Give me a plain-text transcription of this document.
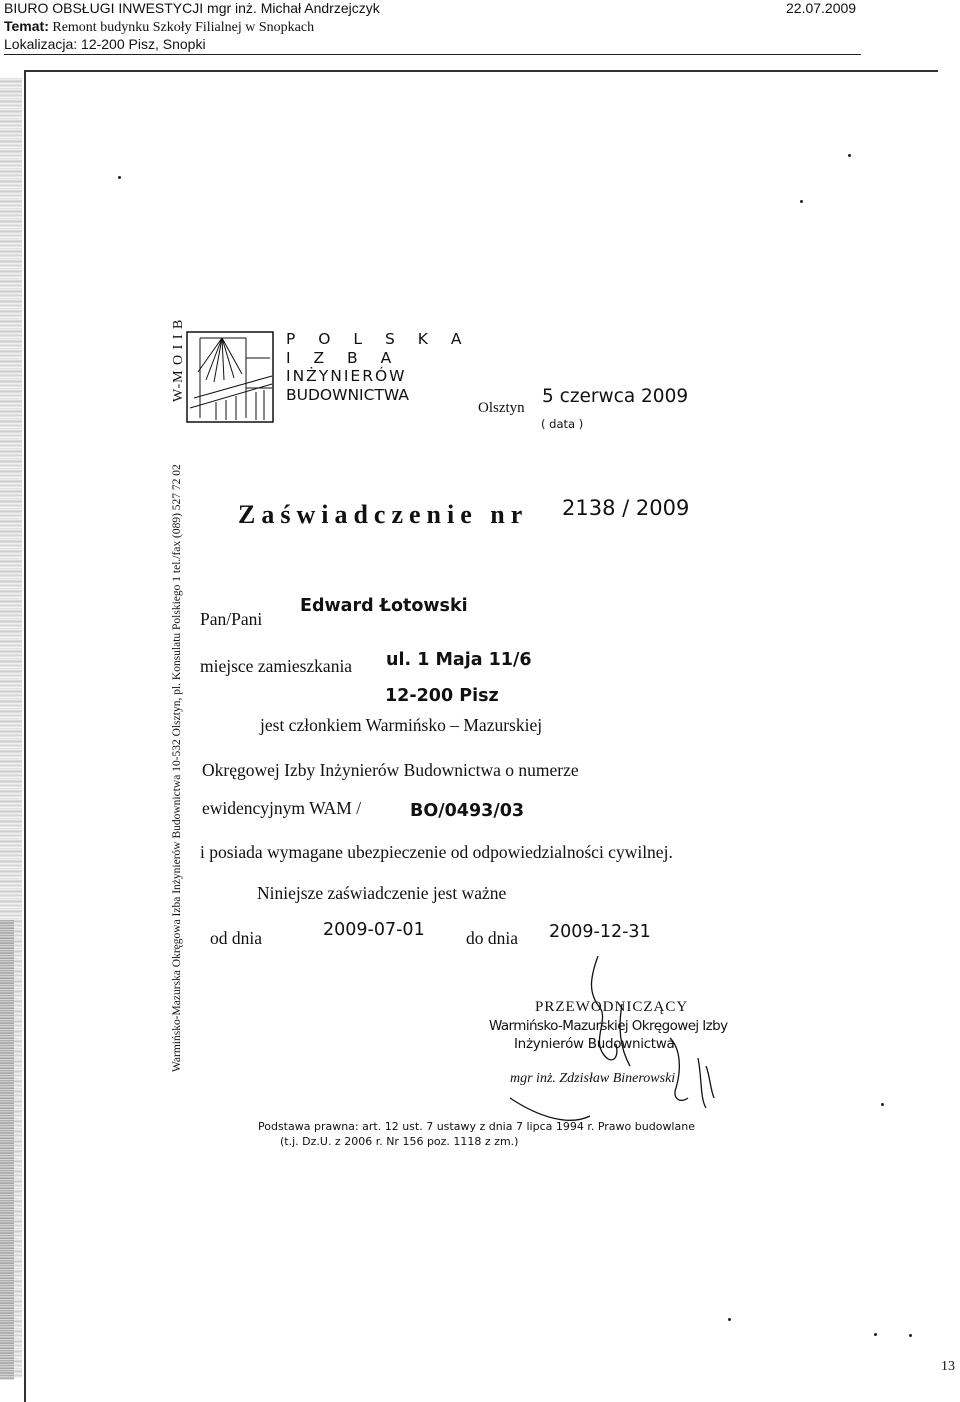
BIURO OBSŁUGI INWESTYCJI mgr inż. Michał Andrzejczyk	22.07.2009
Temat: Remont budynku Szkoły Filialnej w Snopkach
Lokalizacja: 12-200 Pisz, Snopki
W-M O I I B
Warmińsko-Mazurska Okręgowa Izba Inżynierów Budownictwa 10-532 Olsztyn, pl. Konsulatu Polskiego 1 tel./fax (089) 527 72 02
P O L S K A
I Z B A
INŻYNIERÓW
BUDOWNICTWA
Olsztyn
5 czerwca 2009
( data )
Zaświadczenie nr 2138 / 2009
Pan/Pani
Edward Łotowski
miejsce zamieszkania ul. 1 Maja 11/6
12-200 Pisz
jest członkiem Warmińsko – Mazurskiej
Okręgowej Izby Inżynierów Budownictwa o numerze
ewidencyjnym WAM /	BO/0493/03
i posiada wymagane ubezpieczenie od odpowiedzialności cywilnej.
Niniejsze zaświadczenie jest ważne
od dnia	2009-07-01 do dnia 2009-12-31
PRZEWODNICZĄCY
Warmińsko-Mazurskiej Okręgowej Izby
Inżynierów Budownictwa
mgr inż. Zdzisław Binerowski
Podstawa prawna: art. 12 ust. 7 ustawy z dnia 7 lipca 1994 r. Prawo budowlane
(t.j. Dz.U. z 2006 r. Nr 156 poz. 1118 z zm.)
13
